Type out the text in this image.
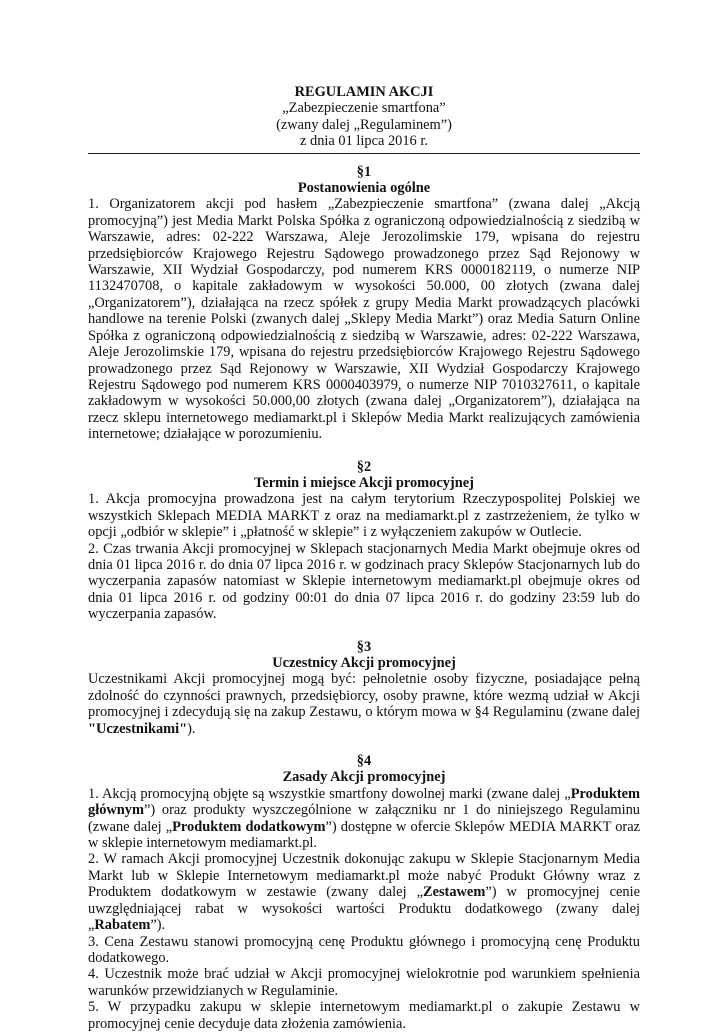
REGULAMIN AKCJI
„Zabezpieczenie smartfona”
(zwany dalej „Regulaminem”)
z dnia 01 lipca 2016 r.
§1
Postanowienia ogólne
1. Organizatorem akcji pod hasłem „Zabezpieczenie smartfona” (zwana dalej „Akcją promocyjną”) jest Media Markt Polska Spółka z ograniczoną odpowiedzialnością z siedzibą w Warszawie, adres: 02-222 Warszawa, Aleje Jerozolimskie 179, wpisana do rejestru przedsiębiorców Krajowego Rejestru Sądowego prowadzonego przez Sąd Rejonowy w Warszawie, XII Wydział Gospodarczy, pod numerem KRS 0000182119, o numerze NIP 1132470708, o kapitale zakładowym w wysokości 50.000, 00 złotych (zwana dalej „Organizatorem”), działająca na rzecz spółek z grupy Media Markt prowadzących placówki handlowe na terenie Polski (zwanych dalej „Sklepy Media Markt”) oraz Media Saturn Online Spółka z ograniczoną odpowiedzialnością z siedzibą w Warszawie, adres: 02-222 Warszawa, Aleje Jerozolimskie 179, wpisana do rejestru przedsiębiorców Krajowego Rejestru Sądowego prowadzonego przez Sąd Rejonowy w Warszawie, XII Wydział Gospodarczy Krajowego Rejestru Sądowego pod numerem KRS 0000403979, o numerze NIP 7010327611, o kapitale zakładowym w wysokości 50.000,00 złotych (zwana dalej „Organizatorem”), działająca na rzecz sklepu internetowego mediamarkt.pl i Sklepów Media Markt realizujących zamówienia internetowe; działające w porozumieniu.
§2
Termin i miejsce Akcji promocyjnej
1. Akcja promocyjna prowadzona jest na całym terytorium Rzeczypospolitej Polskiej we wszystkich Sklepach MEDIA MARKT z oraz na mediamarkt.pl z zastrzeżeniem, że tylko w opcji „odbiór w sklepie” i „płatność w sklepie” i z wyłączeniem zakupów w Outlecie.
2. Czas trwania Akcji promocyjnej w Sklepach stacjonarnych Media Markt obejmuje okres od dnia 01 lipca 2016 r. do dnia 07 lipca 2016 r. w godzinach pracy Sklepów Stacjonarnych lub do wyczerpania zapasów natomiast w Sklepie internetowym mediamarkt.pl obejmuje okres od dnia 01 lipca 2016 r. od godziny 00:01 do dnia 07 lipca 2016 r. do godziny 23:59 lub do wyczerpania zapasów.
§3
Uczestnicy Akcji promocyjnej
Uczestnikami Akcji promocyjnej mogą być: pełnoletnie osoby fizyczne, posiadające pełną zdolność do czynności prawnych, przedsiębiorcy, osoby prawne, które wezmą udział w Akcji promocyjnej i zdecydują się na zakup Zestawu, o którym mowa w §4 Regulaminu (zwane dalej "Uczestnikami").
§4
Zasady Akcji promocyjnej
1. Akcją promocyjną objęte są wszystkie smartfony dowolnej marki (zwane dalej „Produktem głównym”) oraz produkty wyszczególnione w załączniku nr 1 do niniejszego Regulaminu (zwane dalej „Produktem dodatkowym”) dostępne w ofercie Sklepów MEDIA MARKT oraz w sklepie internetowym mediamarkt.pl.
2. W ramach Akcji promocyjnej Uczestnik dokonując zakupu w Sklepie Stacjonarnym Media Markt lub w Sklepie Internetowym mediamarkt.pl może nabyć Produkt Główny wraz z Produktem dodatkowym w zestawie (zwany dalej „Zestawem”) w promocyjnej cenie uwzględniającej rabat w wysokości wartości Produktu dodatkowego (zwany dalej „Rabatem”).
3. Cena Zestawu stanowi promocyjną cenę Produktu głównego i promocyjną cenę Produktu dodatkowego.
4. Uczestnik może brać udział w Akcji promocyjnej wielokrotnie pod warunkiem spełnienia warunków przewidzianych w Regulaminie.
5. W przypadku zakupu w sklepie internetowym mediamarkt.pl o zakupie Zestawu w promocyjnej cenie decyduje data złożenia zamówienia.
